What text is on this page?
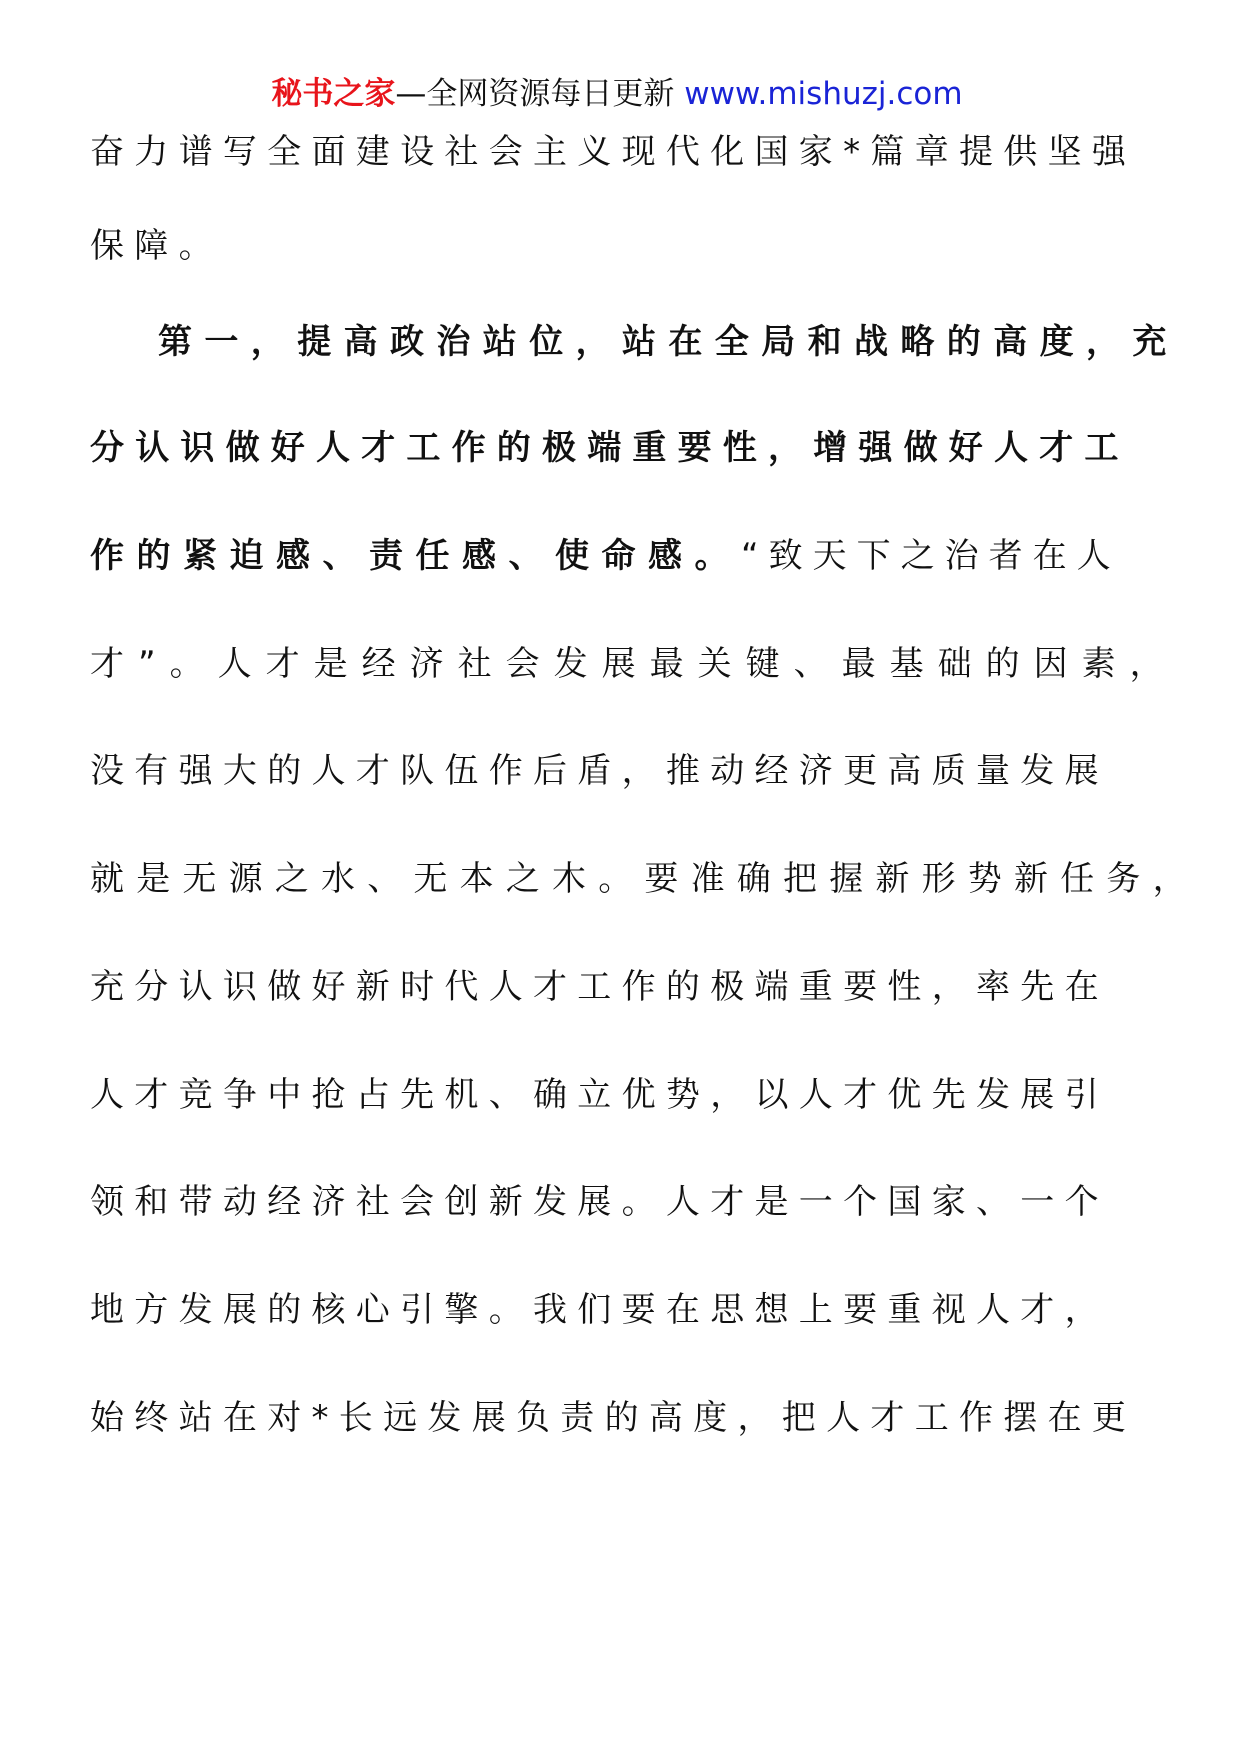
秘书之家—全网资源每日更新 www.mishuzj.com
奋力谱写全面建设社会主义现代化国家*篇章提供坚强
保障。
第一，提高政治站位，站在全局和战略的高度，充
分认识做好人才工作的极端重要性，增强做好人才工
作的紧迫感、责任感、使命感。“致天下之治者在人
才”。人才是经济社会发展最关键、最基础的因素，
没有强大的人才队伍作后盾，推动经济更高质量发展
就是无源之水、无本之木。要准确把握新形势新任务，
充分认识做好新时代人才工作的极端重要性，率先在
人才竞争中抢占先机、确立优势，以人才优先发展引
领和带动经济社会创新发展。人才是一个国家、一个
地方发展的核心引擎。我们要在思想上要重视人才，
始终站在对*长远发展负责的高度，把人才工作摆在更
